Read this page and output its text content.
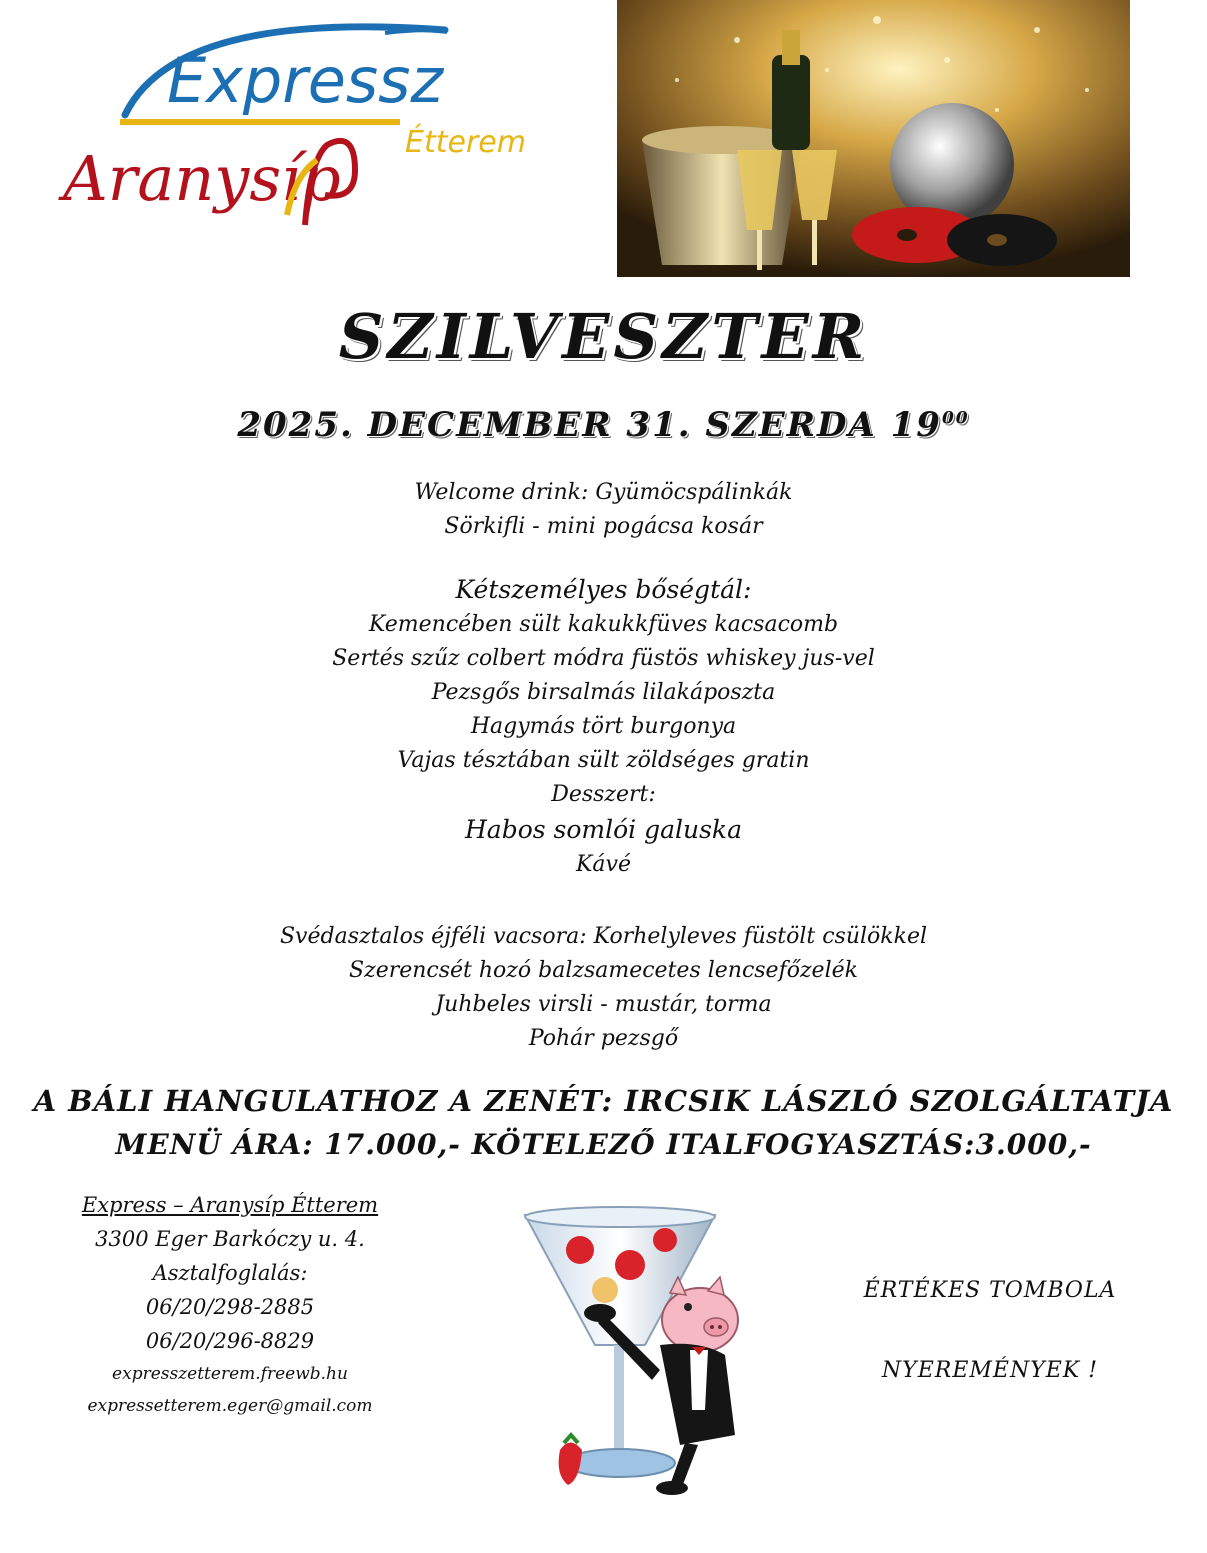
Expressz
Étterem
Aranysíp
SZILVESZTER
2025. DECEMBER 31. SZERDA $19^{00}$
Welcome drink: Gyümöcspálinkák
Sörkifli - mini pogácsa kosár
Kétszemélyes bőségtál:
Kemencében sült kakukkfüves kacsacomb
Sertés szűz colbert módra füstös whiskey jus-vel
Pezsgős birsalmás lilakáposzta
Hagymás tört burgonya
Vajas tésztában sült zöldséges gratin
Desszert:
Habos somlói galuska
Kávé
Svédasztalos éjféli vacsora: Korhelyleves füstölt csülökkel
Szerencsét hozó balzsamecetes lencsefőzelék
Juhbeles virsli - mustár, torma
Pohár pezsgő
A BÁLI HANGULATHOZ A ZENÉT: IRCSIK LÁSZLÓ SZOLGÁLTATJA
MENÜ ÁRA: 17.000,- KÖTELEZŐ ITALFOGYASZTÁS:3.000,-
Express – Aranysíp Étterem
3300 Eger Barkóczy u. 4.
Asztalfoglalás:
06/20/298-2885
06/20/296-8829
expresszetterem.freewb.hu
expressetterem.eger@gmail.com
ÉRTÉKES TOMBOLA
NYEREMÉNYEK !
